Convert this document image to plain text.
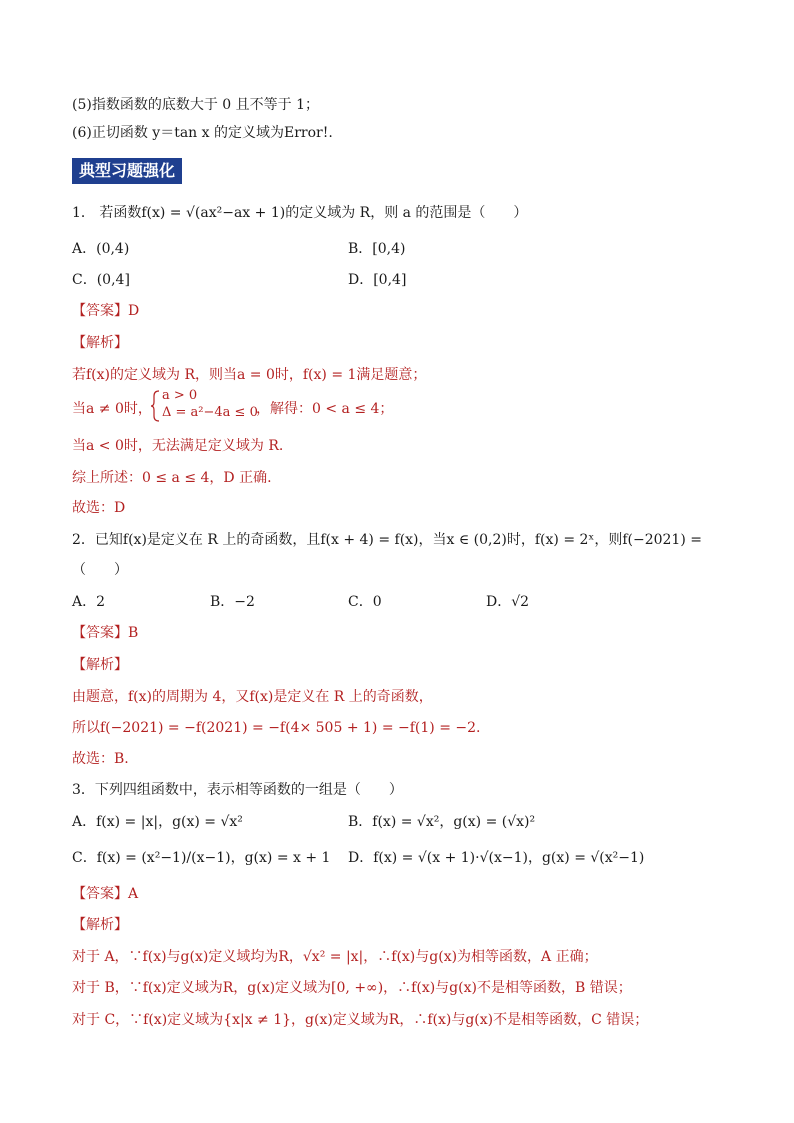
(5)指数函数的底数大于 0 且不等于 1；
(6)正切函数 y＝tan x 的定义域为Error!.
典型习题强化
1． 若函数f(x) = √(ax²−ax + 1)的定义域为 R，则 a 的范围是（　　）
A．(0,4)	B．[0,4)
C．(0,4]	D．[0,4]
【答案】D
【解析】
若f(x)的定义域为 R，则当a = 0时，f(x) = 1满足题意；
当a ≠ 0时，
a > 0
Δ = a²−4a ≤ 0
，解得：0 < a ≤ 4；
当a < 0时，无法满足定义域为 R.
综上所述：0 ≤ a ≤ 4，D 正确.
故选：D
2．已知f(x)是定义在 R 上的奇函数，且f(x + 4) = f(x)，当x ∈ (0,2)时，f(x) = 2ˣ，则f(−2021) =
（　　）
A．2	B．−2	C．0	D．√2
【答案】B
【解析】
由题意，f(x)的周期为 4，又f(x)是定义在 R 上的奇函数，
所以f(−2021) = −f(2021) = −f(4× 505 + 1) = −f(1) = −2.
故选：B.
3．下列四组函数中，表示相等函数的一组是（　　）
A．f(x) = |x|，g(x) = √x²	B．f(x) = √x²，g(x) = (√x)²
C．f(x) = (x²−1)/(x−1)，g(x) = x + 1 D．f(x) = √(x + 1)·√(x−1)，g(x) = √(x²−1)
【答案】A
【解析】
对于 A，∵f(x)与g(x)定义域均为R，√x² = |x|，∴f(x)与g(x)为相等函数，A 正确；
对于 B，∵f(x)定义域为R，g(x)定义域为[0, +∞)，∴f(x)与g(x)不是相等函数，B 错误；
对于 C，∵f(x)定义域为{x|x ≠ 1}，g(x)定义域为R，∴f(x)与g(x)不是相等函数，C 错误；
